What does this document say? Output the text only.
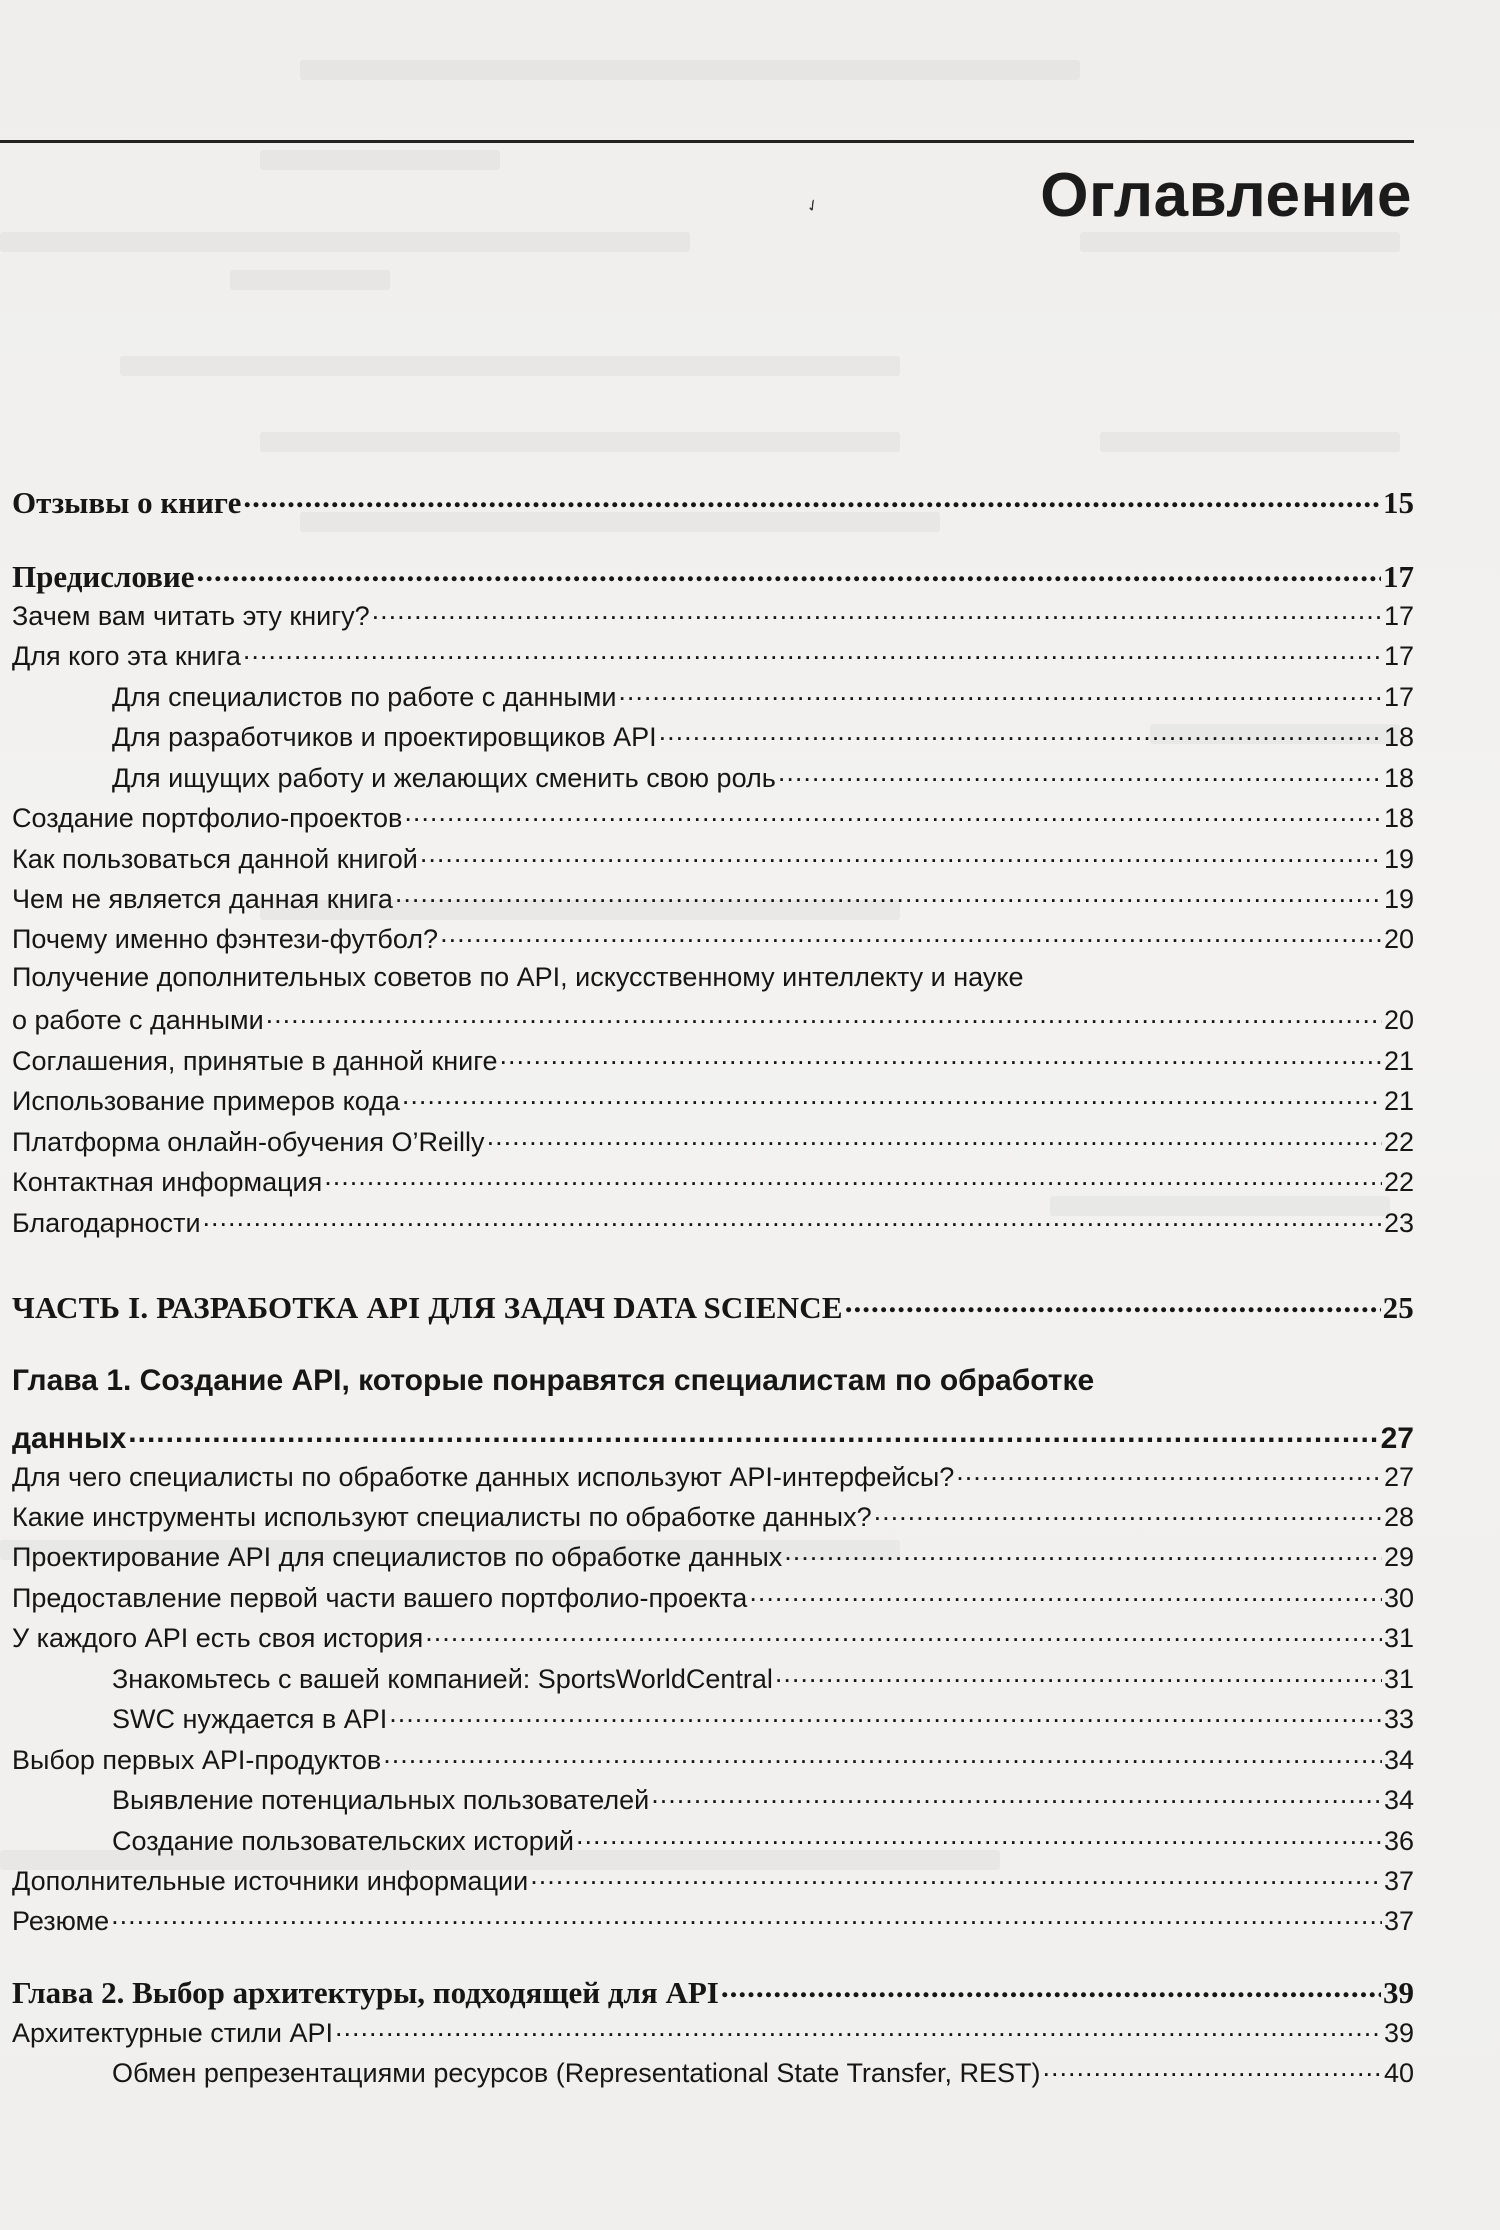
✓	Оглавление
Отзывы о книге .....	15
Предисловие .....	17
Зачем вам читать эту книгу? .....	17
Для кого эта книга .....	17
Для специалистов по работе с данными .....	17
Для разработчиков и проектировщиков API .....	18
Для ищущих работу и желающих сменить свою роль .....	18
Создание портфолио-проектов .....	18
Как пользоваться данной книгой .....	19
Чем не является данная книга .....	19
Почему именно фэнтези-футбол? .....	20
Получение дополнительных советов по API, искусственному интеллекту и науке
о работе с данными .....	20
Соглашения, принятые в данной книге .....	21
Использование примеров кода .....	21
Платформа онлайн-обучения O’Reilly .....	22
Контактная информация .....	22
Благодарности .....	23
ЧАСТЬ I. РАЗРАБОТКА API ДЛЯ ЗАДАЧ DATA SCIENCE .....	25
Глава 1. Создание API, которые понравятся специалистам по обработке
данных .....	27
Для чего специалисты по обработке данных используют API-интерфейсы? .....	27
Какие инструменты используют специалисты по обработке данных? .....	28
Проектирование API для специалистов по обработке данных .....	29
Предоставление первой части вашего портфолио-проекта .....	30
У каждого API есть своя история .....	31
Знакомьтесь с вашей компанией: SportsWorldCentral .....	31
SWC нуждается в API .....	33
Выбор первых API-продуктов .....	34
Выявление потенциальных пользователей .....	34
Создание пользовательских историй .....	36
Дополнительные источники информации .....	37
Резюме .....	37
Глава 2. Выбор архитектуры, подходящей для API .....	39
Архитектурные стили API .....	39
Обмен репрезентациями ресурсов (Representational State Transfer, REST) .....	40
